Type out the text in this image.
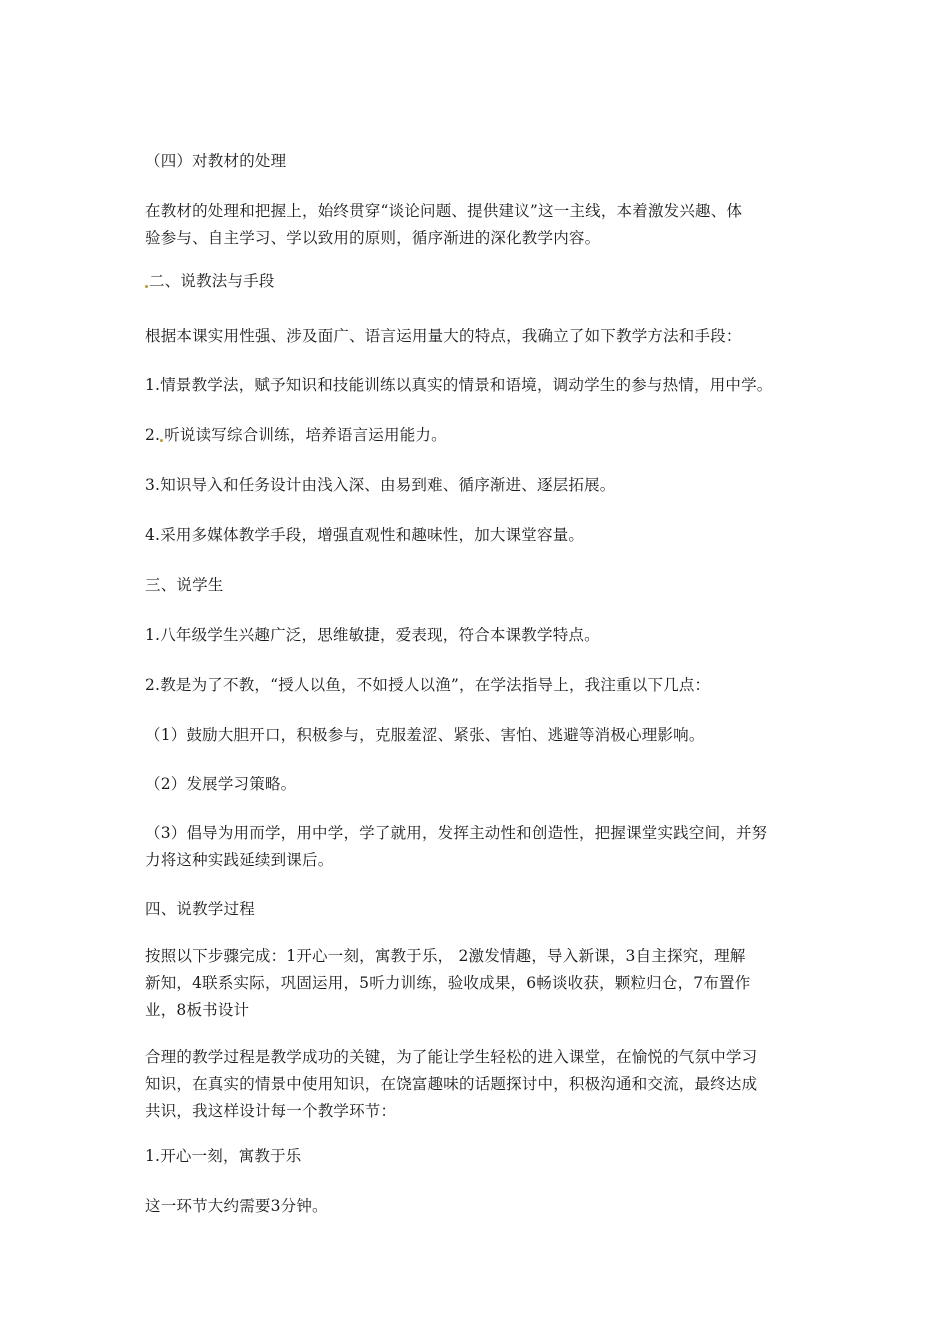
（四）对教材的处理
在教材的处理和把握上，始终贯穿“谈论问题、提供建议”这一主线，本着激发兴趣、体
验参与、自主学习、学以致用的原则，循序渐进的深化教学内容。
二、说教法与手段
根据本课实用性强、涉及面广、语言运用量大的特点，我确立了如下教学方法和手段：
1.情景教学法，赋予知识和技能训练以真实的情景和语境，调动学生的参与热情，用中学。
2. 听说读写综合训练，培养语言运用能力。
3.知识导入和任务设计由浅入深、由易到难、循序渐进、逐层拓展。
4.采用多媒体教学手段，增强直观性和趣味性，加大课堂容量。
三、说学生
1.八年级学生兴趣广泛，思维敏捷，爱表现，符合本课教学特点。
2.教是为了不教，“授人以鱼，不如授人以渔”，在学法指导上，我注重以下几点：
（1）鼓励大胆开口，积极参与，克服羞涩、紧张、害怕、逃避等消极心理影响。
（2）发展学习策略。
（3）倡导为用而学，用中学，学了就用，发挥主动性和创造性，把握课堂实践空间，并努
力将这种实践延续到课后。
四、说教学过程
按照以下步骤完成：1开心一刻，寓教于乐， 2激发情趣，导入新课，3自主探究，理解
新知，4联系实际，巩固运用，5听力训练，验收成果，6畅谈收获，颗粒归仓，7布置作
业，8板书设计
合理的教学过程是教学成功的关键，为了能让学生轻松的进入课堂，在愉悦的气氛中学习
知识，在真实的情景中使用知识，在饶富趣味的话题探讨中，积极沟通和交流，最终达成
共识，我这样设计每一个教学环节：
1.开心一刻，寓教于乐
这一环节大约需要3分钟。
